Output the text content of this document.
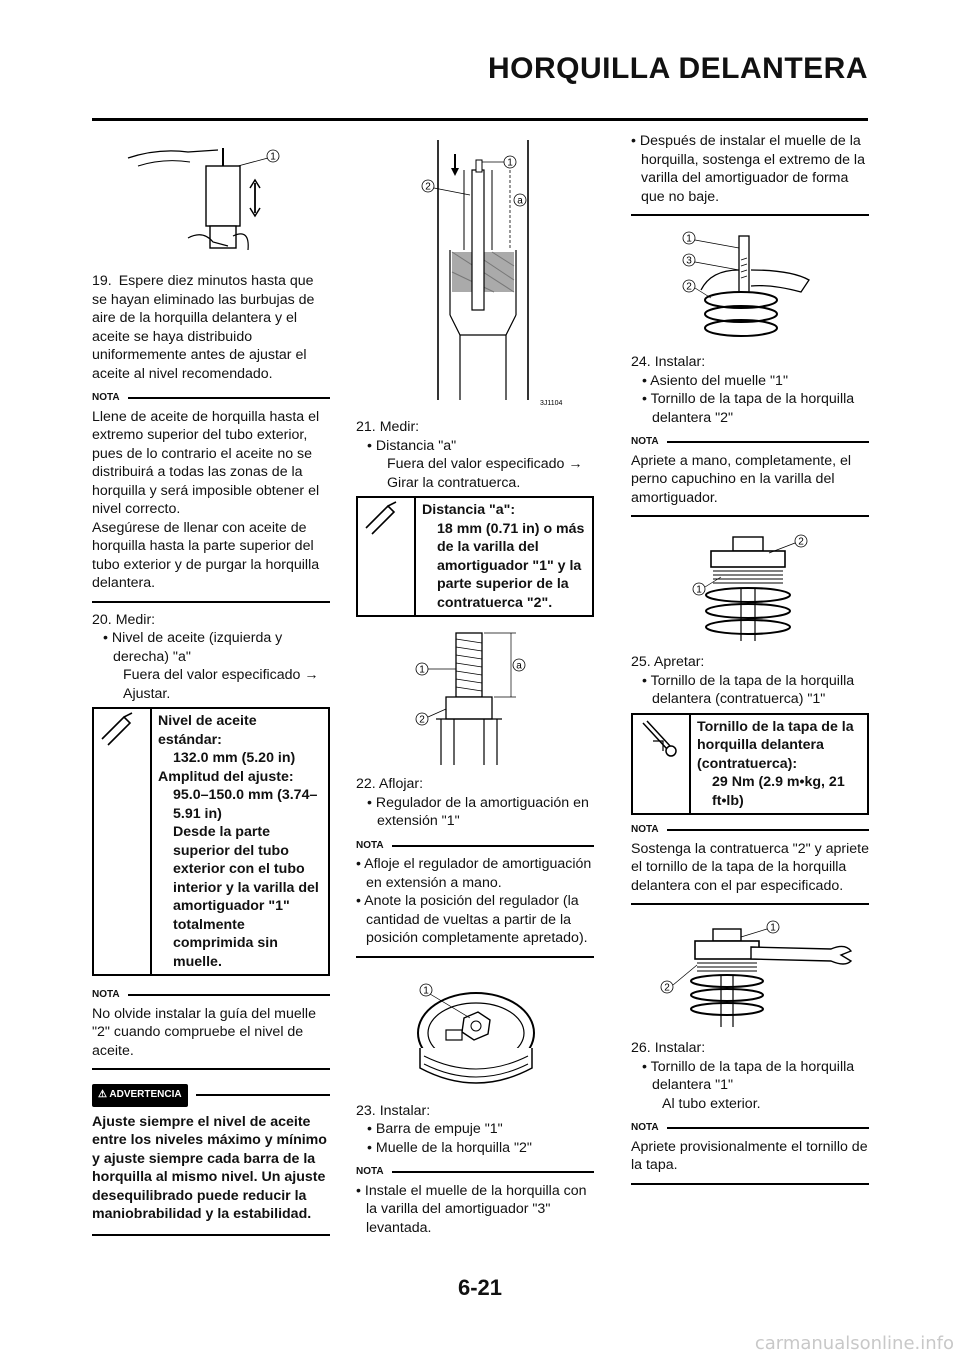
HORQUILLA DELANTERA
1
19. Espere diez minutos hasta que se hayan eliminado las burbujas de aire de la horquilla delantera y el aceite se haya distribuido uniformemente antes de ajustar el aceite al nivel recomendado.
NOTA
Llene de aceite de horquilla hasta el extremo superior del tubo exterior, pues de lo contrario el aceite no se distribuirá a todas las zonas de la horquilla y será imposible obtener el nivel correcto.
Asegúrese de llenar con aceite de horquilla hasta la parte superior del tubo exterior y de purgar la horquilla delantera.
20. Medir:
• Nivel de aceite (izquierda y derecha) "a"
Fuera del valor especificado →
Ajustar.
Nivel de aceite estándar:
132.0 mm (5.20 in)
Amplitud del ajuste:
95.0–150.0 mm (3.74–
5.91 in)
Desde la parte superior del tubo exterior con el tubo interior y la varilla del amortiguador "1" totalmente comprimida sin muelle.
NOTA
No olvide instalar la guía del muelle "2" cuando compruebe el nivel de aceite.
⚠ ADVERTENCIA
Ajuste siempre el nivel de aceite entre los niveles máximo y mínimo y ajuste siempre cada barra de la horquilla al mismo nivel. Un ajuste desequilibrado puede reducir la maniobrabilidad y la estabilidad.
1
2
a
3J1104
21. Medir:
• Distancia "a"
Fuera del valor especificado → Girar la contratuerca.
Distancia "a":
18 mm (0.71 in) o más de la varilla del amortiguador "1" y la parte superior de la contratuerca "2".
a
1
2
22. Aflojar:
• Regulador de la amortiguación en extensión "1"
NOTA
• Afloje el regulador de amortiguación en extensión a mano.
• Anote la posición del regulador (la cantidad de vueltas a partir de la posición completamente apretado).
1
23. Instalar:
• Barra de empuje "1"
• Muelle de la horquilla "2"
NOTA
• Instale el muelle de la horquilla con la varilla del amortiguador "3" levantada.
• Después de instalar el muelle de la horquilla, sostenga el extremo de la varilla del amortiguador de forma que no baje.
1
3
2
24. Instalar:
• Asiento del muelle "1"
• Tornillo de la tapa de la horquilla delantera "2"
NOTA
Apriete a mano, completamente, el perno capuchino en la varilla del amortiguador.
2
1
25. Apretar:
• Tornillo de la tapa de la horquilla delantera (contratuerca) "1"
Tornillo de la tapa de la horquilla delantera (contratuerca):
29 Nm (2.9 m•kg, 21 ft•lb)
NOTA
Sostenga la contratuerca "2" y apriete el tornillo de la tapa de la horquilla delantera con el par especificado.
1
2
26. Instalar:
• Tornillo de la tapa de la horquilla delantera "1"
Al tubo exterior.
NOTA
Apriete provisionalmente el tornillo de la tapa.
6-21
carmanualsonline.info
